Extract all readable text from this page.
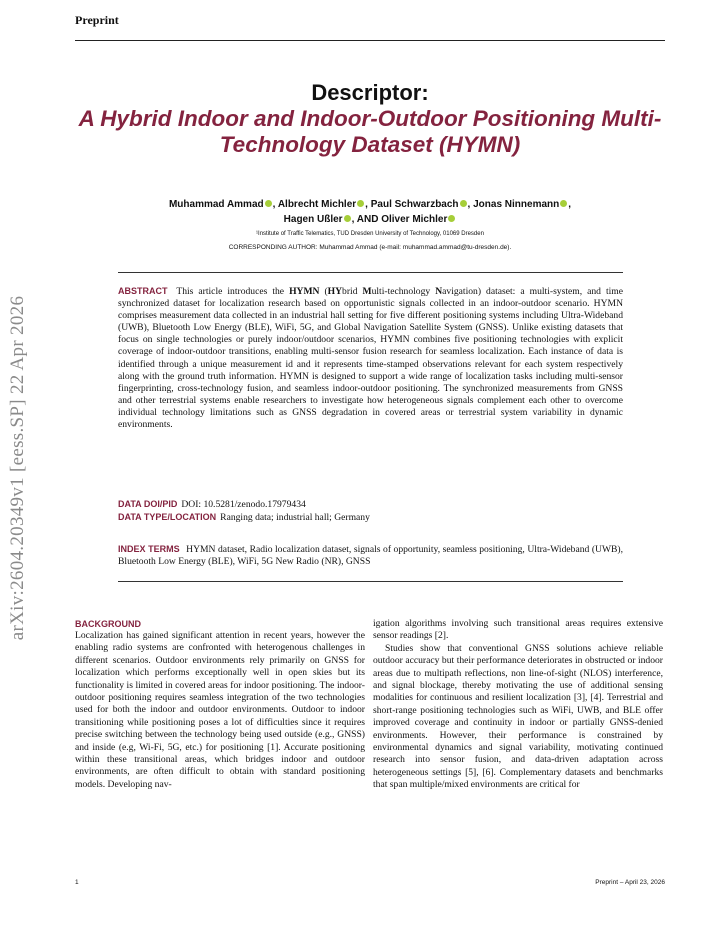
Preprint
arXiv:2604.20349v1 [eess.SP] 22 Apr 2026
Descriptor:
A Hybrid Indoor and Indoor-Outdoor Positioning Multi-Technology Dataset (HYMN)
Muhammad Ammad , Albrecht Michler , Paul Schwarzbach , Jonas Ninnemann ,
Hagen Ußler , AND Oliver Michler
¹Institute of Traffic Telematics, TUD Dresden University of Technology, 01069 Dresden
CORRESPONDING AUTHOR: Muhammad Ammad (e-mail: muhammad.ammad@tu-dresden.de).
ABSTRACT This article introduces the HYMN (HYbrid Multi-technology Navigation) dataset: a multi-system, and time synchronized dataset for localization research based on opportunistic signals collected in an indoor-outdoor scenario. HYMN comprises measurement data collected in an industrial hall setting for five different positioning systems including Ultra-Wideband (UWB), Bluetooth Low Energy (BLE), WiFi, 5G, and Global Navigation Satellite System (GNSS). Unlike existing datasets that focus on single technologies or purely indoor/outdoor scenarios, HYMN combines five positioning technologies with explicit coverage of indoor-outdoor transitions, enabling multi-sensor fusion research for seamless localization. Each instance of data is identified through a unique measurement id and it represents time-stamped observations relevant for each system respectively along with the ground truth information. HYMN is designed to support a wide range of localization tasks including multi-sensor fingerprinting, cross-technology fusion, and seamless indoor-outdoor positioning. The synchronized measurements from GNSS and other terrestrial systems enable researchers to investigate how heterogeneous signals complement each other to overcome individual technology limitations such as GNSS degradation in covered areas or terrestrial system variability in dynamic environments.
DATA DOI/PID DOI: 10.5281/zenodo.17979434
DATA TYPE/LOCATION Ranging data; industrial hall; Germany
INDEX TERMS HYMN dataset, Radio localization dataset, signals of opportunity, seamless positioning, Ultra-Wideband (UWB), Bluetooth Low Energy (BLE), WiFi, 5G New Radio (NR), GNSS
BACKGROUND

Localization has gained significant attention in recent years, however the enabling radio systems are confronted with heterogenous challenges in different scenarios. Outdoor environments rely primarily on GNSS for localization which performs exceptionally well in open skies but its functionality is limited in covered areas for indoor positioning. The indoor-outdoor positioning requires seamless integration of the two technologies used for both the indoor and outdoor environments. Outdoor to indoor transitioning while positioning poses a lot of difficulties since it requires precise switching between the technology being used outside (e.g., GNSS) and inside (e.g, Wi-Fi, 5G, etc.) for positioning [1]. Accurate positioning within these transitional areas, which bridges indoor and outdoor environments, are often difficult to obtain with standard positioning models. Developing nav-

igation algorithms involving such transitional areas requires extensive sensor readings [2].

Studies show that conventional GNSS solutions achieve reliable outdoor accuracy but their performance deteriorates in obstructed or indoor areas due to multipath reflections, non line-of-sight (NLOS) interference, and signal blockage, thereby motivating the use of additional sensing modalities for continuous and resilient localization [3], [4]. Terrestrial and short-range positioning technologies such as WiFi, UWB, and BLE offer improved coverage and continuity in indoor or partially GNSS-denied environments. However, their performance is constrained by environmental dynamics and signal variability, motivating continued research into sensor fusion, and data-driven adaptation across heterogeneous settings [5], [6]. Complementary datasets and benchmarks that span multiple/mixed environments are critical for

1	Preprint – April 23, 2026
